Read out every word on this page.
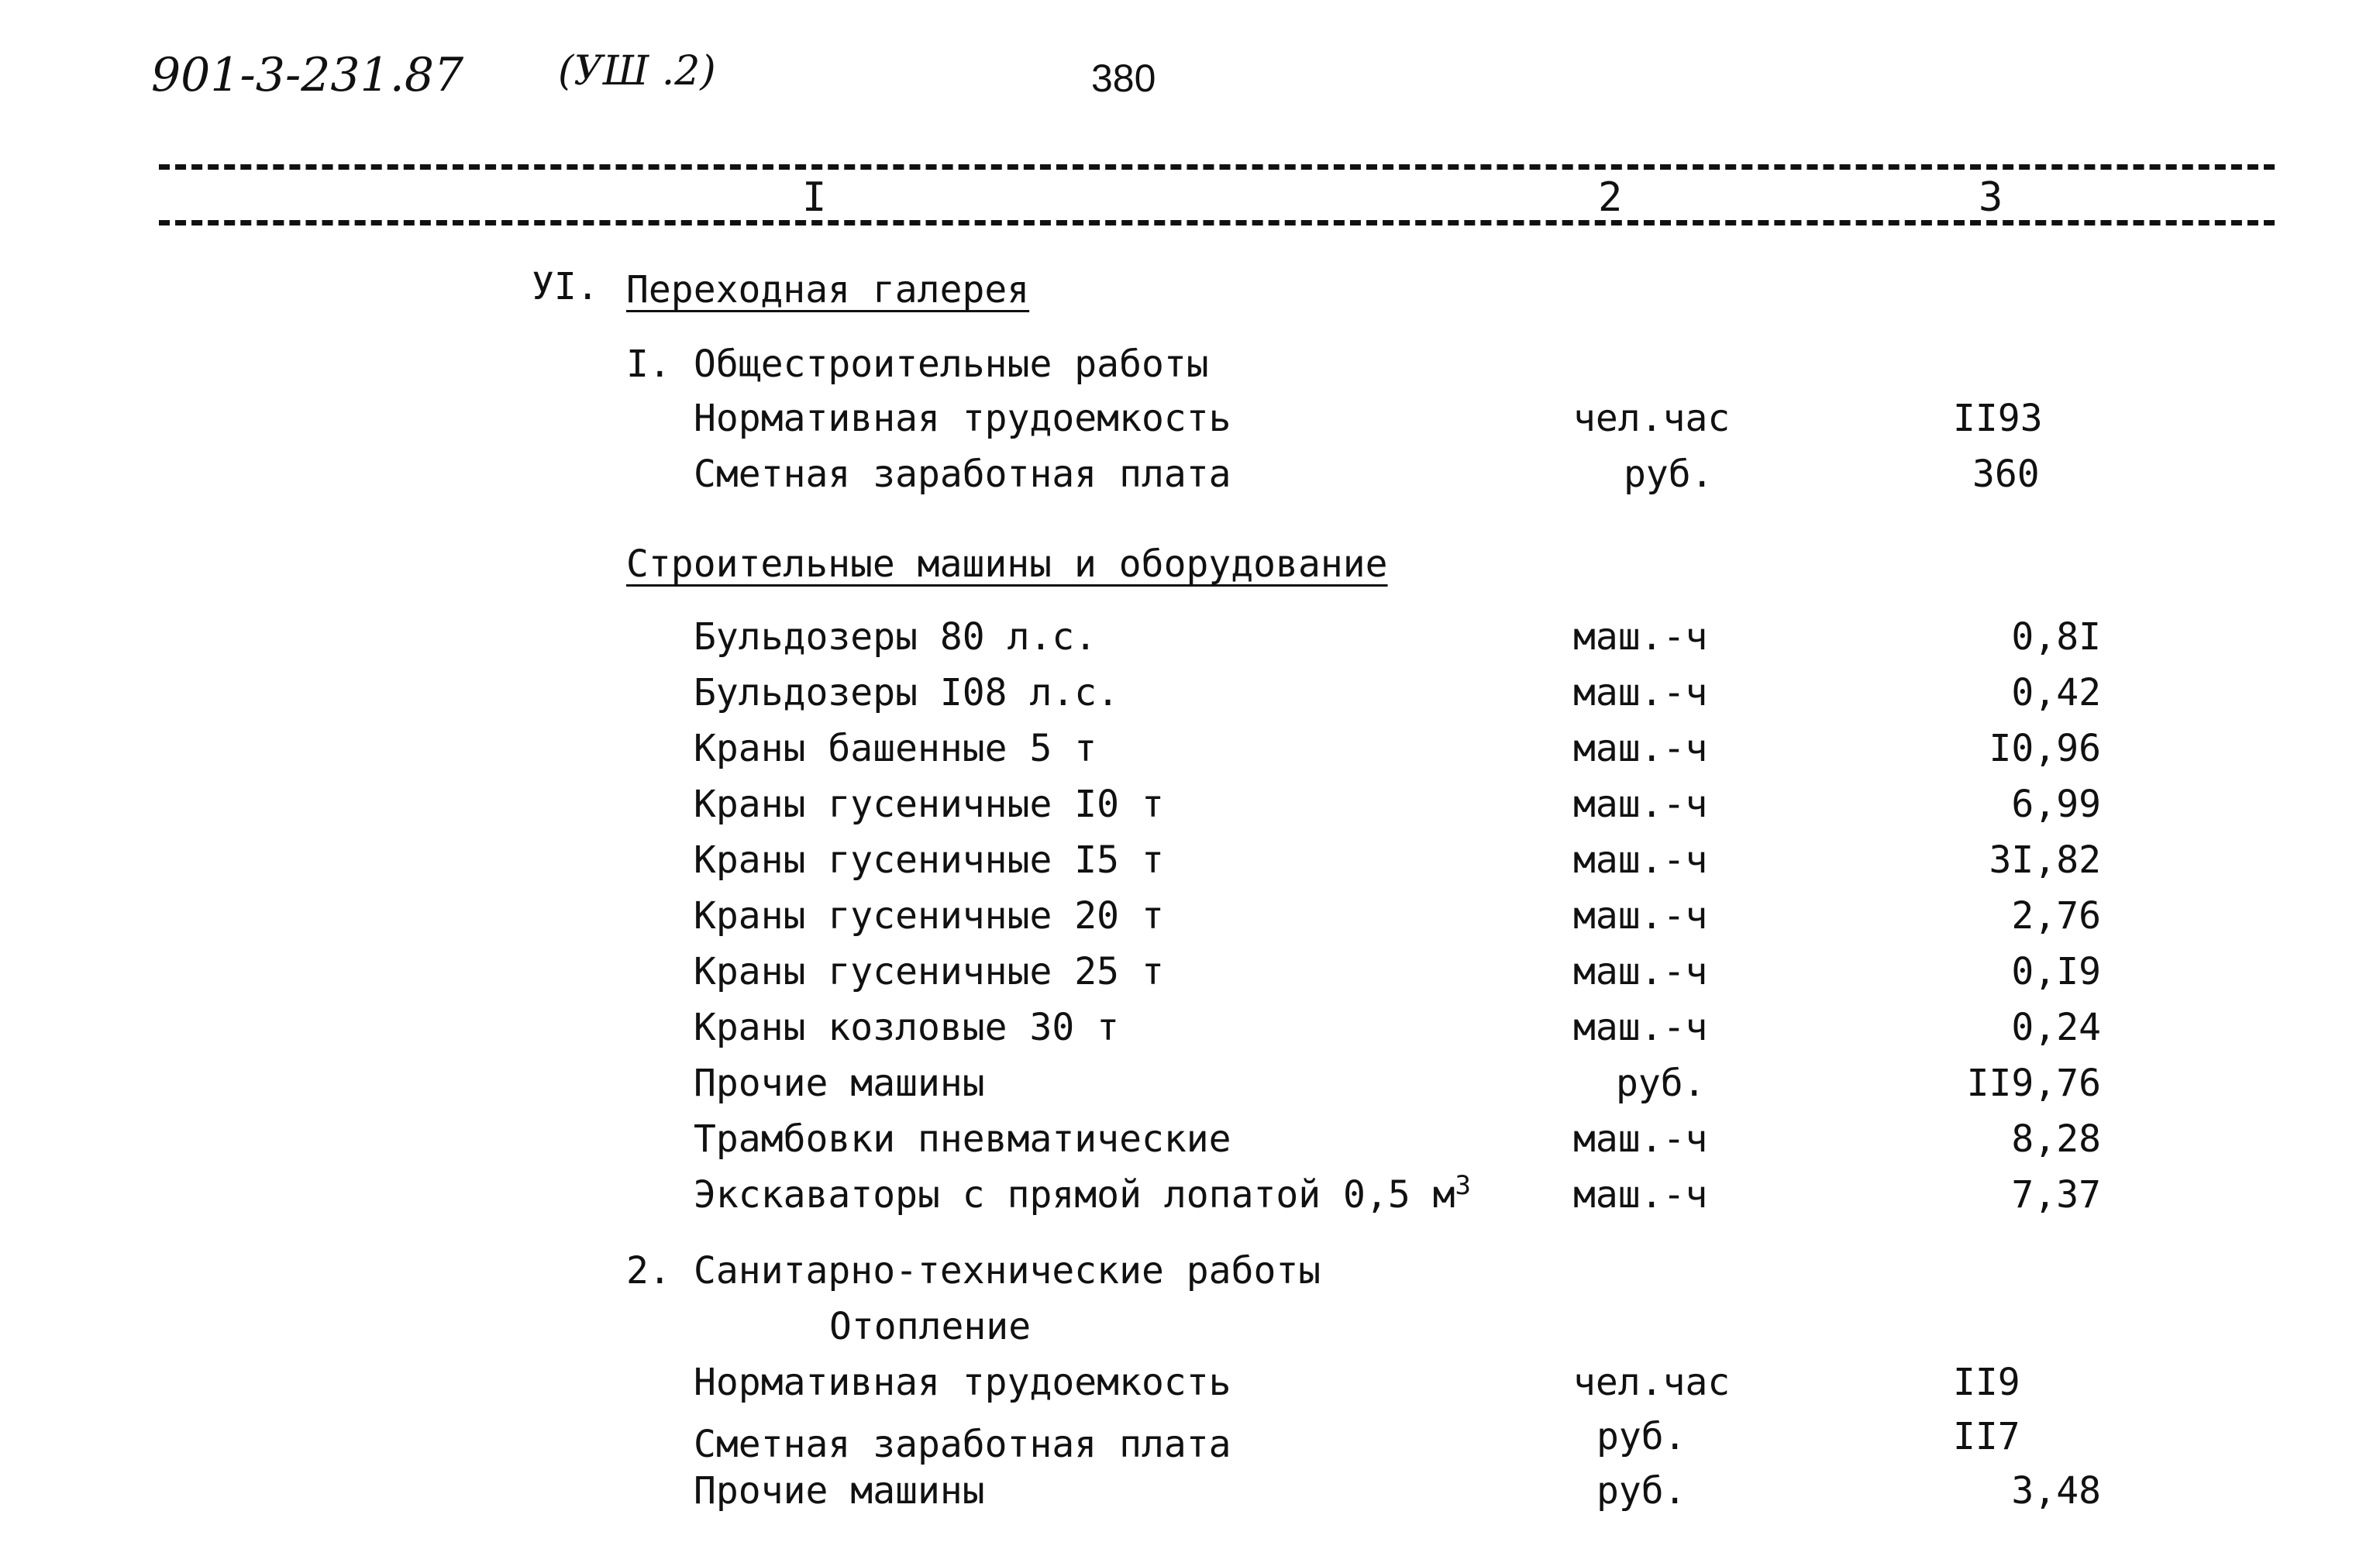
901-3-231.87 (УШ .2)	380
I	2	3
УI. Переходная галерея
I. Общестроительные работы
Нормативная трудоемкость	чел.час	II93
Сметная заработная плата	руб.	360
Строительные машины и оборудование
Бульдозеры 80 л.с.	маш.-ч	0,8I
Бульдозеры I08 л.с.	маш.-ч	0,42
Краны башенные 5 т	маш.-ч	I0,96
Краны гусеничные I0 т	маш.-ч	6,99
Краны гусеничные I5 т	маш.-ч	3I,82
Краны гусеничные 20 т	маш.-ч	2,76
Краны гусеничные 25 т	маш.-ч	0,I9
Краны козловые 30 т	маш.-ч	0,24
Прочие машины	руб.	II9,76
Трамбовки пневматические	маш.-ч	8,28
Экскаваторы с прямой лопатой 0,5 $м^3$	маш.-ч	7,37
2. Санитарно-технические работы
Отопление
Нормативная трудоемкость	чел.час	II9
Сметная заработная плата	руб.	II7
Прочие машины	руб.	3,48
